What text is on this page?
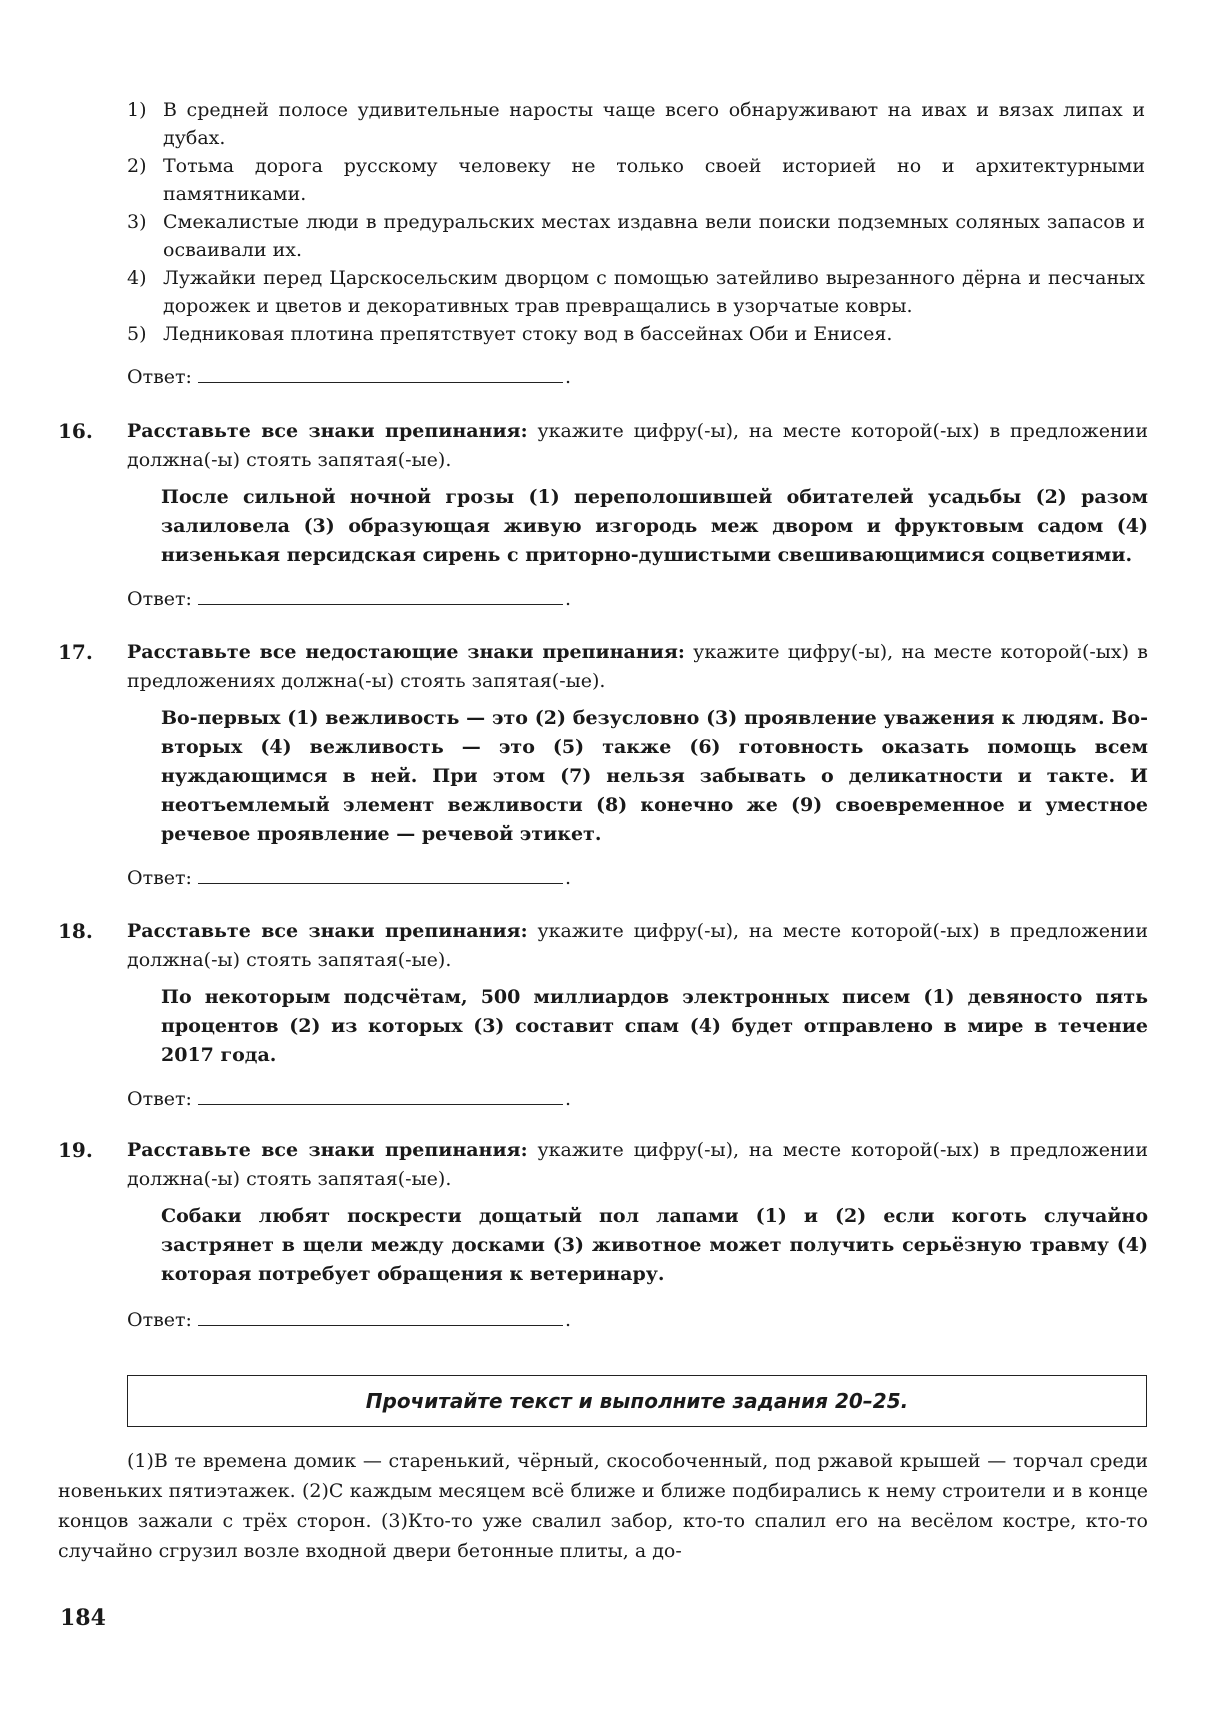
1) В средней полосе удивительные наросты чаще всего обнаруживают на ивах и вязах липах и дубах.
2) Тотьма дорога русскому человеку не только своей историей но и архитектурными памятниками.
3) Смекалистые люди в предуральских местах издавна вели поиски подземных соляных запасов и осваивали их.
4) Лужайки перед Царскосельским дворцом с помощью затейливо вырезанного дёрна и песчаных дорожек и цветов и декоративных трав превращались в узорчатые ковры.
5) Ледниковая плотина препятствует стоку вод в бассейнах Оби и Енисея.
Ответ:	.
16. Расставьте все знаки препинания: укажите цифру(-ы), на месте которой(-ых) в предложении должна(-ы) стоять запятая(-ые).
После сильной ночной грозы (1) переполошившей обитателей усадьбы (2) разом залиловела (3) образующая живую изгородь меж двором и фруктовым садом (4) низенькая персидская сирень с приторно-душистыми свешивающимися соцветиями.
Ответ:	.
17. Расставьте все недостающие знаки препинания: укажите цифру(-ы), на месте которой(-ых) в предложениях должна(-ы) стоять запятая(-ые).
Во-первых (1) вежливость — это (2) безусловно (3) проявление уважения к людям. Во-вторых (4) вежливость — это (5) также (6) готовность оказать помощь всем нуждающимся в ней. При этом (7) нельзя забывать о деликатности и такте. И неотъемлемый элемент вежливости (8) конечно же (9) своевременное и уместное речевое проявление — речевой этикет.
Ответ:	.
18. Расставьте все знаки препинания: укажите цифру(-ы), на месте которой(-ых) в предложении должна(-ы) стоять запятая(-ые).
По некоторым подсчётам, 500 миллиардов электронных писем (1) девяносто пять процентов (2) из которых (3) составит спам (4) будет отправлено в мире в течение 2017 года.
Ответ:	.
19. Расставьте все знаки препинания: укажите цифру(-ы), на месте которой(-ых) в предложении должна(-ы) стоять запятая(-ые).
Собаки любят поскрести дощатый пол лапами (1) и (2) если коготь случайно застрянет в щели между досками (3) животное может получить серьёзную травму (4) которая потребует обращения к ветеринару.
Ответ:	.
Прочитайте текст и выполните задания 20–25.

(1)В те времена домик — старенький, чёрный, скособоченный, под ржавой крышей — торчал среди новеньких пятиэтажек. (2)С каждым месяцем всё ближе и ближе подбирались к нему строители и в конце концов зажали с трёх сторон. (3)Кто-то уже свалил забор, кто-то спалил его на весёлом костре, кто-то случайно сгрузил возле входной двери бетонные плиты, а до-

184
